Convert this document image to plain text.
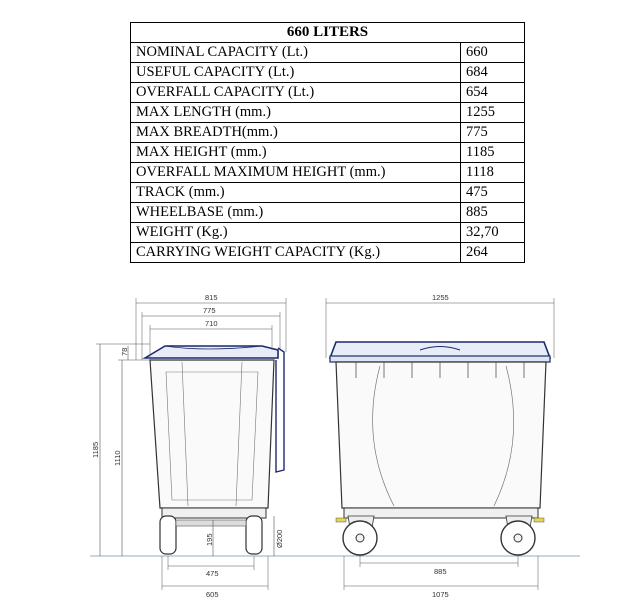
660 LITERS	
NOMINAL CAPACITY (Lt.)	660
USEFUL CAPACITY (Lt.)	684
OVERFALL CAPACITY (Lt.)	654
MAX LENGTH (mm.)	1255
MAX BREADTH(mm.)	775
MAX HEIGHT (mm.)	1185
OVERFALL MAXIMUM HEIGHT (mm.)	1118
TRACK (mm.)	475
WHEELBASE (mm.)	885
WEIGHT (Kg.)	32,70
CARRYING WEIGHT CAPACITY (Kg.)	264
815
775
710
78
1185
1110
195	Ø200
475
605
1255
885
1075
